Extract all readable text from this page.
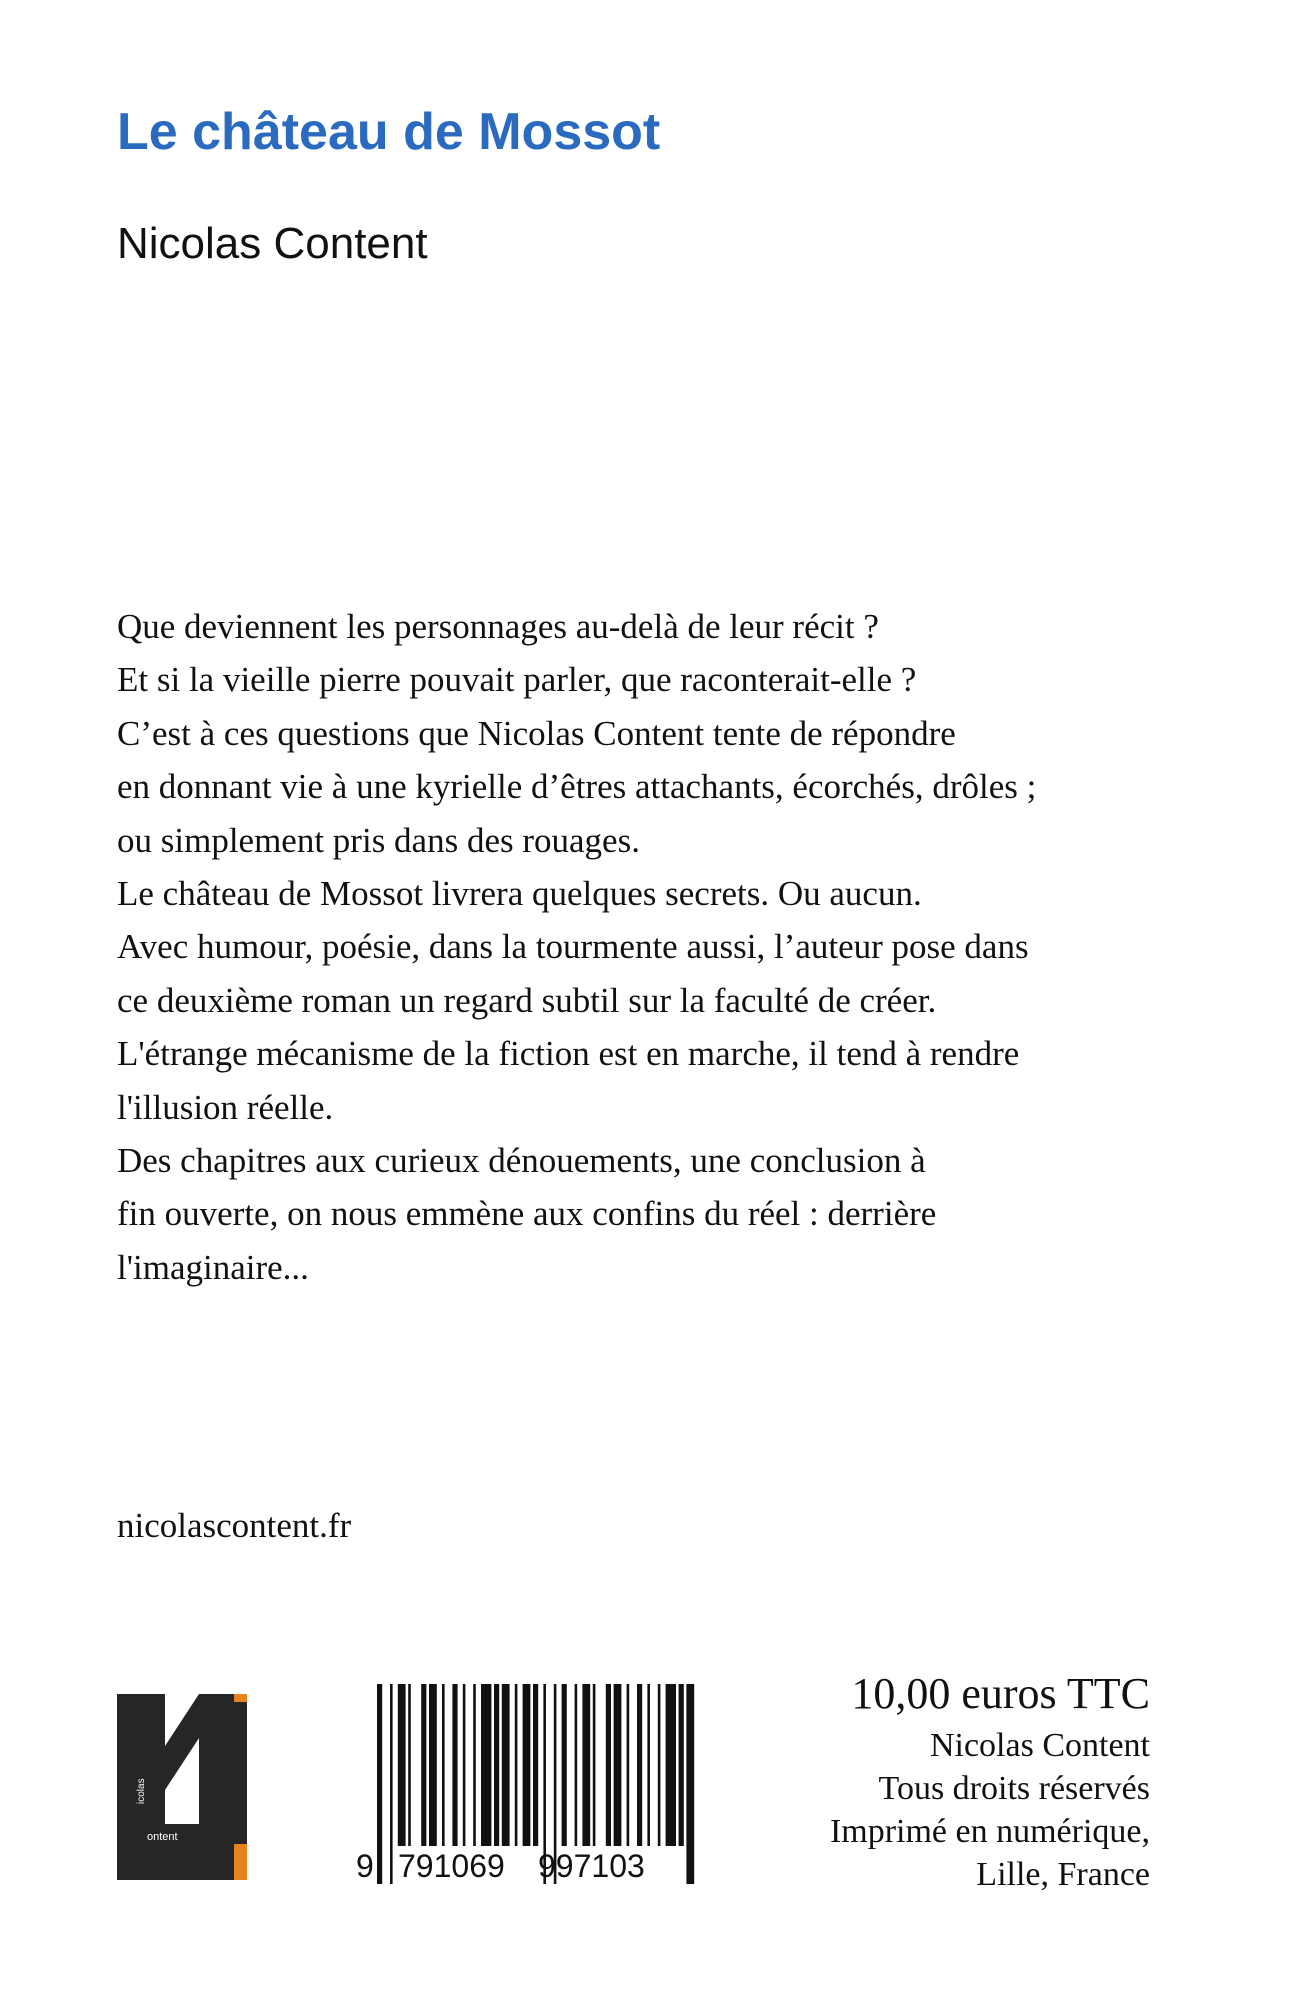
Le château de Mossot
Nicolas Content
Que deviennent les personnages au-delà de leur récit ?
Et si la vieille pierre pouvait parler, que raconterait-elle ?
C’est à ces questions que Nicolas Content tente de répondre
en donnant vie à une kyrielle d’êtres attachants, écorchés, drôles ;
ou simplement pris dans des rouages.
Le château de Mossot livrera quelques secrets. Ou aucun.
Avec humour, poésie, dans la tourmente aussi, l’auteur pose dans
ce deuxième roman un regard subtil sur la faculté de créer.
L'étrange mécanisme de la fiction est en marche, il tend à rendre
l'illusion réelle.
Des chapitres aux curieux dénouements, une conclusion à
fin ouverte, on nous emmène aux confins du réel : derrière
l'imaginaire...
nicolascontent.fr
icolas
ontent
9 791069 997103
10,00 euros TTC
Nicolas Content
Tous droits réservés
Imprimé en numérique,
Lille, France
